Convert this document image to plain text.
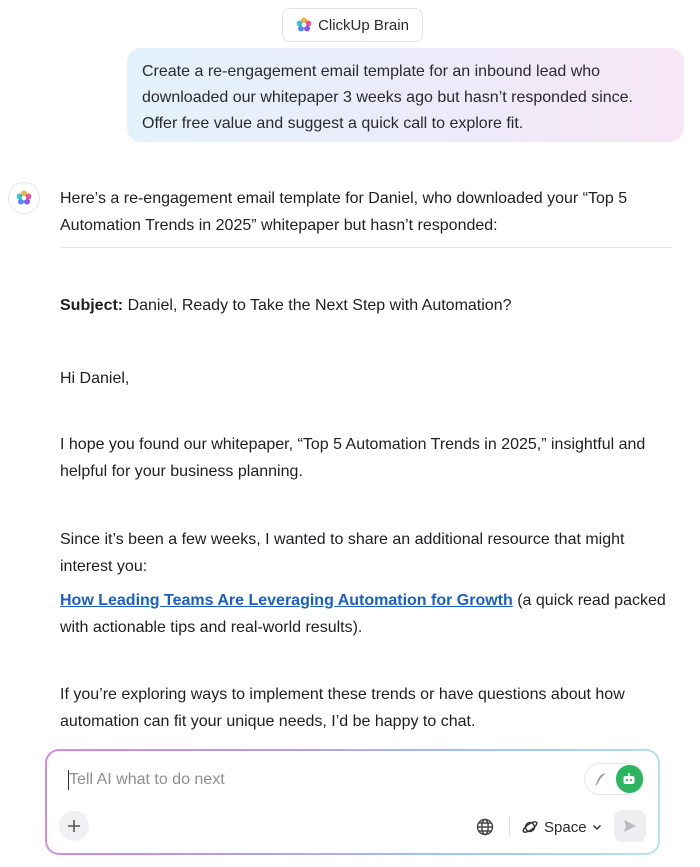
ClickUp Brain
Create a re-engagement email template for an inbound lead who downloaded our whitepaper 3 weeks ago but hasn’t responded since. Offer free value and suggest a quick call to explore fit.
Here’s a re-engagement email template for Daniel, who downloaded your “Top 5 Automation Trends in 2025” whitepaper but hasn’t responded:
Subject: Daniel, Ready to Take the Next Step with Automation?
Hi Daniel,
I hope you found our whitepaper, “Top 5 Automation Trends in 2025,” insightful and helpful for your business planning.
Since it’s been a few weeks, I wanted to share an additional resource that might interest you:
How Leading Teams Are Leveraging Automation for Growth (a quick read packed with actionable tips and real-world results).
If you’re exploring ways to implement these trends or have questions about how automation can fit your unique needs, I’d be happy to chat.
Tell AI what to do next
Space
